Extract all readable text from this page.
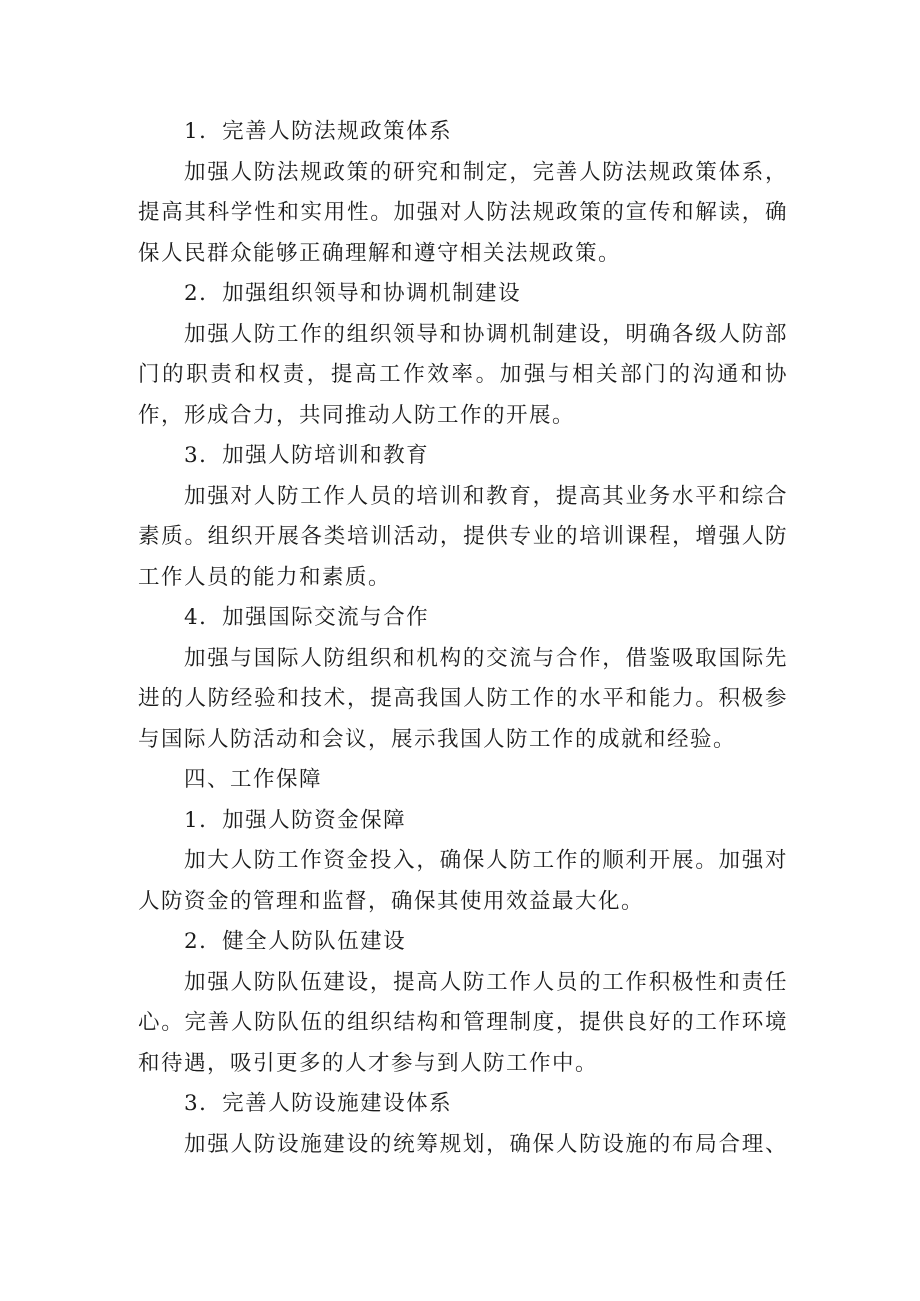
1．完善人防法规政策体系
加强人防法规政策的研究和制定，完善人防法规政策体系，
提高其科学性和实用性。加强对人防法规政策的宣传和解读，确
保人民群众能够正确理解和遵守相关法规政策。
2．加强组织领导和协调机制建设
加强人防工作的组织领导和协调机制建设，明确各级人防部
门的职责和权责，提高工作效率。加强与相关部门的沟通和协
作，形成合力，共同推动人防工作的开展。
3．加强人防培训和教育
加强对人防工作人员的培训和教育，提高其业务水平和综合
素质。组织开展各类培训活动，提供专业的培训课程，增强人防
工作人员的能力和素质。
4．加强国际交流与合作
加强与国际人防组织和机构的交流与合作，借鉴吸取国际先
进的人防经验和技术，提高我国人防工作的水平和能力。积极参
与国际人防活动和会议，展示我国人防工作的成就和经验。
四、工作保障
1．加强人防资金保障
加大人防工作资金投入，确保人防工作的顺利开展。加强对
人防资金的管理和监督，确保其使用效益最大化。
2．健全人防队伍建设
加强人防队伍建设，提高人防工作人员的工作积极性和责任
心。完善人防队伍的组织结构和管理制度，提供良好的工作环境
和待遇，吸引更多的人才参与到人防工作中。
3．完善人防设施建设体系
加强人防设施建设的统筹规划，确保人防设施的布局合理、
